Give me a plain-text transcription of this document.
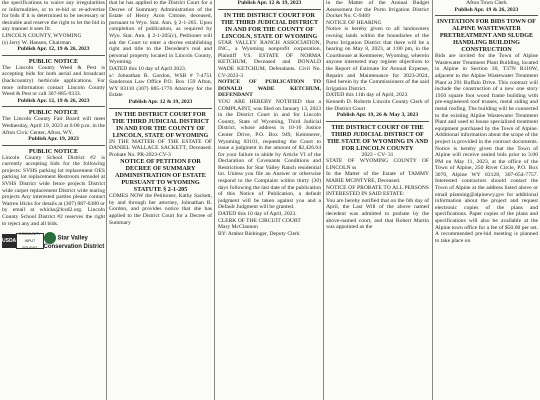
the specifications to waive any irregularities or informalities, or to re-bid or re-advertise for bids if it is determined to be necessary or desirable and reserve the right to let the bid in any manner it sees fit.

LINCOLN COUNTY, WYOMING

(s) Jerry W. Hansen, Chairman

Publish Apr. 12, 19 & 26, 2023

PUBLIC NOTICE

The Lincoln County Weed & Pest is accepting bids for both aerial and broadcast (backcountry) herbicide applications. For more information contact Lincoln County Weed & Pest or call 307-885-9333.

Publish Apr. 12, 19 & 26, 2023

PUBLIC NOTICE

The Lincoln County Fair Board will meet Wednesday, April 19, 2023 at 6:00 p.m. in the Afton Civic Center, Afton, WY.

Publish Apr. 19, 2023

PUBLIC NOTICE

Lincoln County School District #2 is currently accepting bids for the following projects: SVHS parking lot replacement OES parking lot replacement Restroom remodel at SVHS District wide fence projects District wide carpet replacement District wide tearing projects Any interested parties please contact Warren Hicks for details at (307) 887-6380 or by email at whicks@lcsd2.org. Lincoln County School District #2 reserves the right to reject any and all bids.

USDA
COMMUNITY INPUT SOUGHT
Star Valley Conservation District

that he has applied to the District Court for a Decree of Summary Administration of the Estate of Henry Aron Cittone, deceased, pursuant to Wyo. Stat. Ann. § 2-1-205. Upon completion of publication, as required by Wyo. Stat. Ann. § 2-1-205(c), Petitioner will ask the Court to enter a decree establishing right and title to the Decedent's real and personal property located in Lincoln County, Wyoming.

DATED this 10 day of April 2023.

s/: Johnathan R. Gordon, WSB # 7-4751 Sanderson Law Office P.O. Box 159 Afton, WY 83110 (307) 885-1776 Attorney for the Estate

Publish Apr. 12 & 19, 2023

IN THE DISTRICT COURT FOR THE THIRD JUDICIAL DISTRICT IN AND FOR THE COUNTY OF LINCOLN, STATE OF WYOMING

IN THE MATTER OF THE ESTATE OF DANIEL WALLACE SACKETT, Deceased. Probate No. PR-2023-CV-3

NOTICE OF PETITION FOR DECREE OF SUMMARY ADMINISTRATION OF ESTATE PURSUANT TO WYOMING STATUTE § 2-1-205

COMES NOW the Petitioner, Kathy Sackett, by and through her attorney, Johnathan R. Gordon, and provides notice that she has applied to the District Court for a Decree of Summary

Publish Apr. 12 & 19, 2023

IN THE DISTRICT COURT FOR THE THIRD JUDICIAL DISTRICT IN AND FOR THE COUNTY OF LINCOLN, STATE OF WYOMING

STAR VALLEY RANCH ASSOCIATION, INC., a Wyoming nonprofit corporation, Plaintiff VS. ESTATE OF NORMA KETCHUM, Deceased and DONALD WADE KETCHUM, Defendants. Civil No. CV-2023-3

NOTICE OF PUBLICATION TO DONALD WADE KETCHUM, DEFENDANT

YOU ARE HEREBY NOTIFIED that a COMPLAINT, was filed on January 13, 2023 in the District Court in and for Lincoln County, State of Wyoming, Third Judicial District, whose address is 10-10 Justice Center Drive, P.O. Box 949, Kemmerer, Wyoming 83101, requesting the Court to issue a judgment in the amount of $2,426.64 for your failure to abide by Article VI of the Declaration of Covenants Conditions and Restrictions for Star Valley Ranch residential lot. Unless you file an Answer or otherwise respond to the Complaint within thirty (30) days following the last date of the publication of this Notice of Publication, a default judgment will be taken against you and a Default Judgment will be granted.

DATED this 10 day of April, 2023.

CLERK OF THE CIRCUIT COURT

Mary McClannon

BY: Amber Biebinger, Deputy Clerk

in the Matter of the Annual Budget Assessment for the Porto Irrigation District Docket No. C-9469

NOTICE OF HEARING

Notice is hereby given to all landowners owning lands within the boundaries of the Porto Irrigation District that there will be a hearing on May 8, 2023, at 1:00 pm, in the Courthouse at Kemmerer, Wyoming, wherein anyone interested may register objections to the Report of Estimate for Annual Expense, Repairs and Maintenance for 2023-2024, filed herein by the Commissioners of the said Irrigation District.

DATED this 11th day of April, 2023

Kenneth D. Roberts Lincoln County Clerk of the District Court

Publish Apr. 19, 26 & May 3, 2023

THE DISTRICT COURT OF THE THIRD JUDICIAL DISTRICT OF THE STATE OF WYOMING IN AND FOR LINCOLN COUNTY

2023 - CV- 31

STATE OF WYOMING COUNTY OF LINCOLN ss

In the Matter of the Estate of TAMMY MARIE MCINTYRE, Deceased.

NOTICE OF PROBATE TO ALL PERSONS INTERESTED IN SAID ESTATE:

You are hereby notified that on the 6th day of April, the Last Will of the above named decedent was admitted to probate by the above-named court, and that Robert Martin was appointed as the

Afton Town Clerk

Publish Apr. 19 & 26, 2023

INVITATION FOR BIDS TOWN OF ALPINE WASTEWATER PRETREATMENT AND SLUDGE HANDLING BUILDING CONSTRUCTION

Bids are invited for the Town of Alpine Wastewater Treatment Plant Building, located in Alpine in Section 30, T37N R118W, adjacent to the Alpine Wastewater Treatment Plant at 291 Buffalo Drive. This contract will include the construction of a new one story 1950 square foot wood frame building with pre-engineered roof trusses, metal siding and metal roofing. The building will be connected to the existing Alpine Wastewater Treatment Plant and used to house specialized treatment equipment purchased by the Town of Alpine. Additional information about the scope of the project is provided in the contract documents. Notice is hereby given that the Town of Alpine will receive sealed bids prior to 3:00 PM on May 11, 2023, at the office of the Town of Alpine, 250 River Circle, P.O. Box 3070, Alpine WY 83128, 307-654-7757. Interested contractors should contact the Town of Alpine at the address listed above or email planning@alpinewy.gov for additional information about the project and request electronic copies of the plans and specifications. Paper copies of the plans and specifications will also be available at the Alpine town office for a fee of $50.00 per set. A recommended pre-bid meeting is planned to take place on
